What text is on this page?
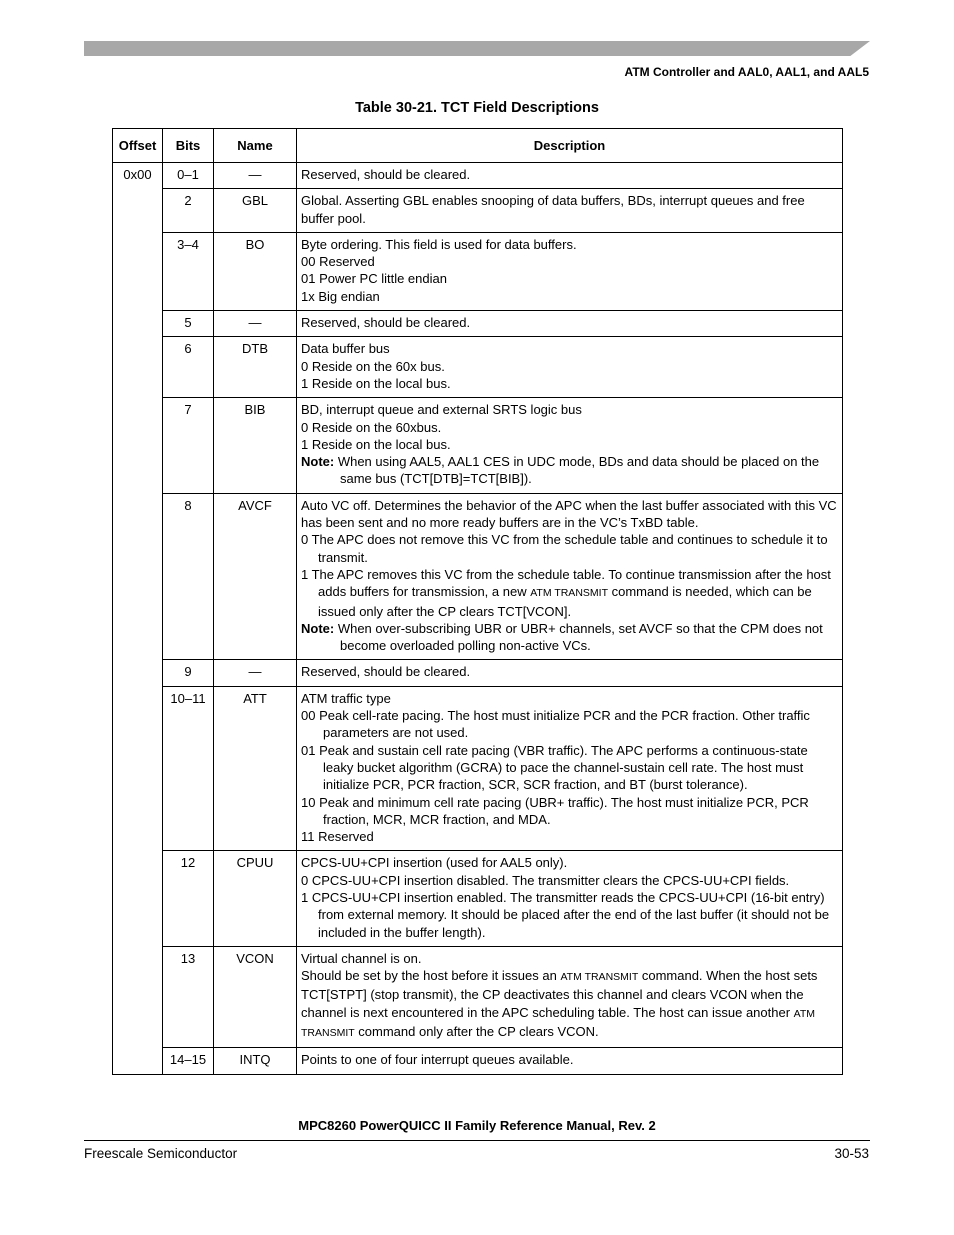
ATM Controller and AAL0, AAL1, and AAL5
Table 30-21. TCT Field Descriptions
Offset	Bits	Name	Description
0x00	0–1	—	Reserved, should be cleared.

	2	GBL	Global. Asserting GBL enables snooping of data buffers, BDs, interrupt queues and free buffer pool.

	3–4	BO	Byte ordering. This field is used for data buffers.
00 Reserved
01 Power PC little endian
1x Big endian

	5	—	Reserved, should be cleared.

	6	DTB	Data buffer bus
0 Reside on the 60x bus.
1 Reside on the local bus.

	7	BIB	BD, interrupt queue and external SRTS logic bus
0 Reside on the 60xbus.
1 Reside on the local bus.
Note: When using AAL5, AAL1 CES in UDC mode, BDs and data should be placed on the same bus (TCT[DTB]=TCT[BIB]).

	8	AVCF	Auto VC off. Determines the behavior of the APC when the last buffer associated with this VC has been sent and no more ready buffers are in the VC’s TxBD table.
0 The APC does not remove this VC from the schedule table and continues to schedule it to transmit.
1 The APC removes this VC from the schedule table. To continue transmission after the host adds buffers for transmission, a new ATM TRANSMIT command is needed, which can be issued only after the CP clears TCT[VCON].
Note: When over-subscribing UBR or UBR+ channels, set AVCF so that the CPM does not become overloaded polling non-active VCs.

	9	—	Reserved, should be cleared.

	10–11	ATT	ATM traffic type
00 Peak cell-rate pacing. The host must initialize PCR and the PCR fraction. Other traffic parameters are not used.
01 Peak and sustain cell rate pacing (VBR traffic). The APC performs a continuous-state leaky bucket algorithm (GCRA) to pace the channel-sustain cell rate. The host must initialize PCR, PCR fraction, SCR, SCR fraction, and BT (burst tolerance).
10 Peak and minimum cell rate pacing (UBR+ traffic). The host must initialize PCR, PCR fraction, MCR, MCR fraction, and MDA.
11 Reserved

	12	CPUU	CPCS-UU+CPI insertion (used for AAL5 only).
0 CPCS-UU+CPI insertion disabled. The transmitter clears the CPCS-UU+CPI fields.
1 CPCS-UU+CPI insertion enabled. The transmitter reads the CPCS-UU+CPI (16-bit entry) from external memory. It should be placed after the end of the last buffer (it should not be included in the buffer length).

	13	VCON	Virtual channel is on.
Should be set by the host before it issues an ATM TRANSMIT command. When the host sets TCT[STPT] (stop transmit), the CP deactivates this channel and clears VCON when the channel is next encountered in the APC scheduling table. The host can issue another ATM TRANSMIT command only after the CP clears VCON.

	14–15	INTQ	Points to one of four interrupt queues available.
MPC8260 PowerQUICC II Family Reference Manual, Rev. 2
Freescale Semiconductor	30-53
